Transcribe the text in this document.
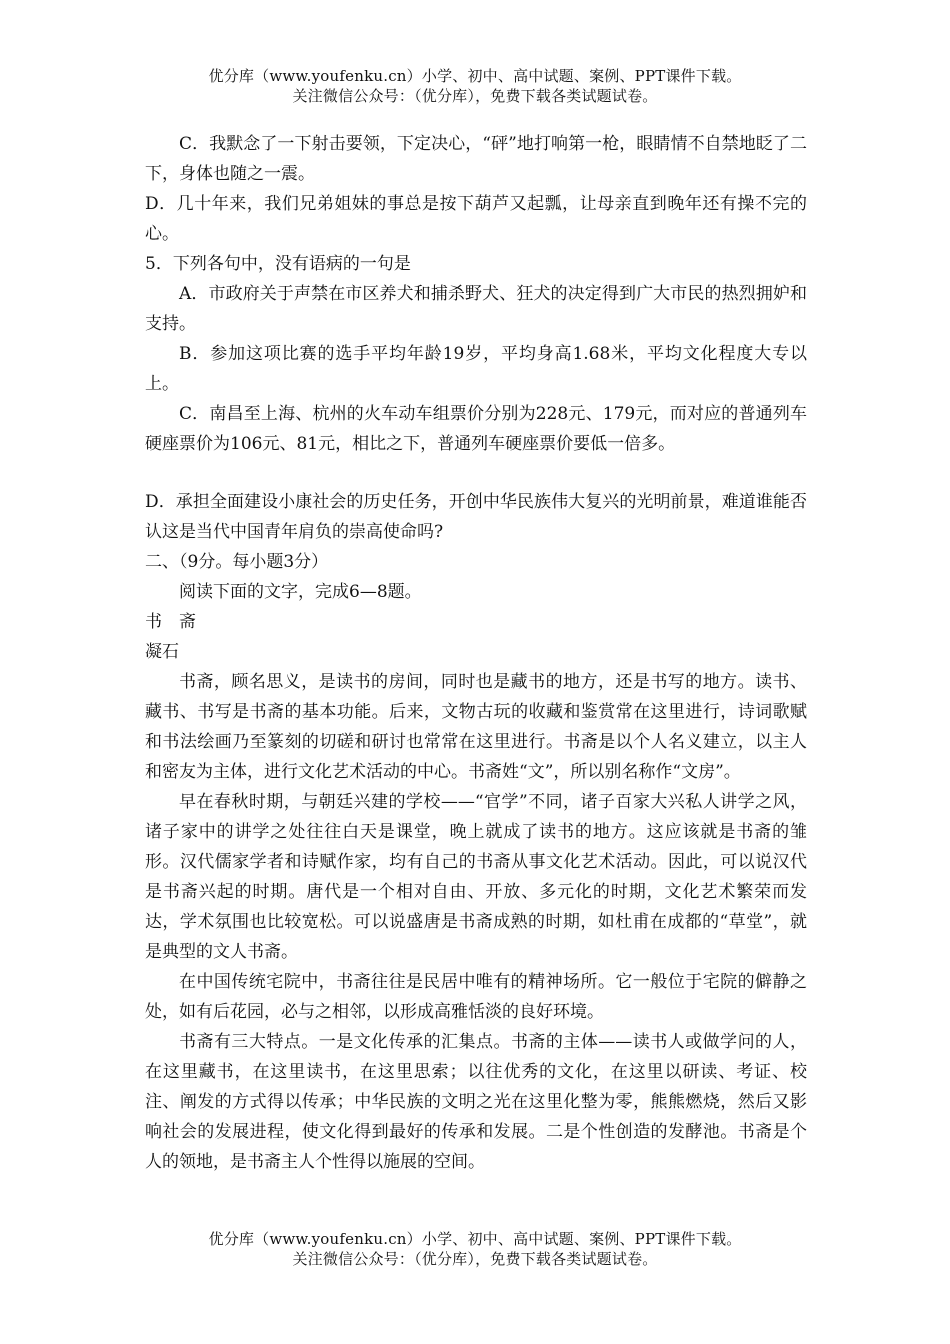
优分库（www.youfenku.cn）小学、初中、高中试题、案例、PPT课件下载。
关注微信公众号：（优分库），免费下载各类试题试卷。

C．我默念了一下射击要领，下定决心，“砰”地打响第一枪，眼睛情不自禁地眨了二下，身体也随之一震。

D．几十年来，我们兄弟姐妹的事总是按下葫芦又起瓢，让母亲直到晚年还有操不完的心。

5．下列各句中，没有语病的一句是

A．市政府关于声禁在市区养犬和捕杀野犬、狂犬的决定得到广大市民的热烈拥妒和支持。

B．参加这项比赛的选手平均年龄19岁，平均身高1.68米，平均文化程度大专以上。

C．南昌至上海、杭州的火车动车组票价分别为228元、179元，而对应的普通列车硬座票价为106元、81元，相比之下，普通列车硬座票价要低一倍多。

D．承担全面建设小康社会的历史任务，开创中华民族伟大复兴的光明前景，难道谁能否认这是当代中国青年肩负的崇高使命吗?

二、（9分。每小题3分）

阅读下面的文字，完成6—8题。

书　斋

凝石

书斋，顾名思义，是读书的房间，同时也是藏书的地方，还是书写的地方。读书、藏书、书写是书斋的基本功能。后来，文物古玩的收藏和鉴赏常在这里进行，诗词歌赋和书法绘画乃至篆刻的切磋和研讨也常常在这里进行。书斋是以个人名义建立，以主人和密友为主体，进行文化艺术活动的中心。书斋姓“文”，所以别名称作“文房”。

早在春秋时期，与朝廷兴建的学校——“官学”不同，诸子百家大兴私人讲学之风，诸子家中的讲学之处往往白天是课堂，晚上就成了读书的地方。这应该就是书斋的雏形。汉代儒家学者和诗赋作家，均有自己的书斋从事文化艺术活动。因此，可以说汉代是书斋兴起的时期。唐代是一个相对自由、开放、多元化的时期，文化艺术繁荣而发达，学术氛围也比较宽松。可以说盛唐是书斋成熟的时期，如杜甫在成都的“草堂”，就是典型的文人书斋。

在中国传统宅院中，书斋往往是民居中唯有的精神场所。它一般位于宅院的僻静之处，如有后花园，必与之相邻，以形成高雅恬淡的良好环境。

书斋有三大特点。一是文化传承的汇集点。书斋的主体——读书人或做学问的人，在这里藏书，在这里读书，在这里思索；以往优秀的文化，在这里以研读、考证、校注、阐发的方式得以传承；中华民族的文明之光在这里化整为零，熊熊燃烧，然后又影响社会的发展进程，使文化得到最好的传承和发展。二是个性创造的发酵池。书斋是个人的领地，是书斋主人个性得以施展的空间。

优分库（www.youfenku.cn）小学、初中、高中试题、案例、PPT课件下载。
关注微信公众号：（优分库），免费下载各类试题试卷。
